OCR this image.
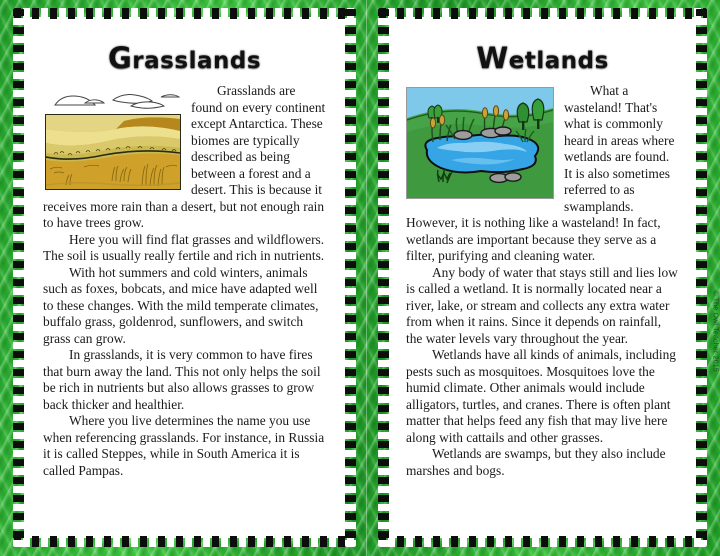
Grasslands

Grasslands are found on every continent except Antarctica. These biomes are typically described as being between a forest and a desert. This is because it receives more rain than a desert, but not enough rain to have trees grow.

Here you will find flat grasses and wildflowers. The soil is usually really fertile and rich in nutrients.

With hot summers and cold winters, animals such as foxes, bobcats, and mice have adapted well to these changes. With the mild temperate climates, buffalo grass, goldenrod, sunflowers, and switch grass can grow.

In grasslands, it is very common to have fires that burn away the land. This not only helps the soil be rich in nutrients but also allows grasses to grow back thicker and healthier.

Where you live determines the name you use when referencing grasslands. For instance, in Russia it is called Steppes, while in South America it is called Pampas.

Wetlands

What a wasteland! That's what is commonly heard in areas where wetlands are found. It is also sometimes referred to as swamplands. However, it is nothing like a wasteland! In fact, wetlands are important because they serve as a filter, purifying and cleaning water.

Any body of water that stays still and lies low is called a wetland. It is normally located near a river, lake, or stream and collects any extra water from when it rains. Since it depends on rainfall, the water levels vary throughout the year.

Wetlands have all kinds of animals, including pests such as mosquitoes. Mosquitoes love the humid climate. Other animals would include alligators, turtles, and cranes. There is often plant matter that helps feed any fish that may live here along with cattails and other grasses.

Wetlands are swamps, but they also include marshes and bogs.

© The Owl Teacher 2015
